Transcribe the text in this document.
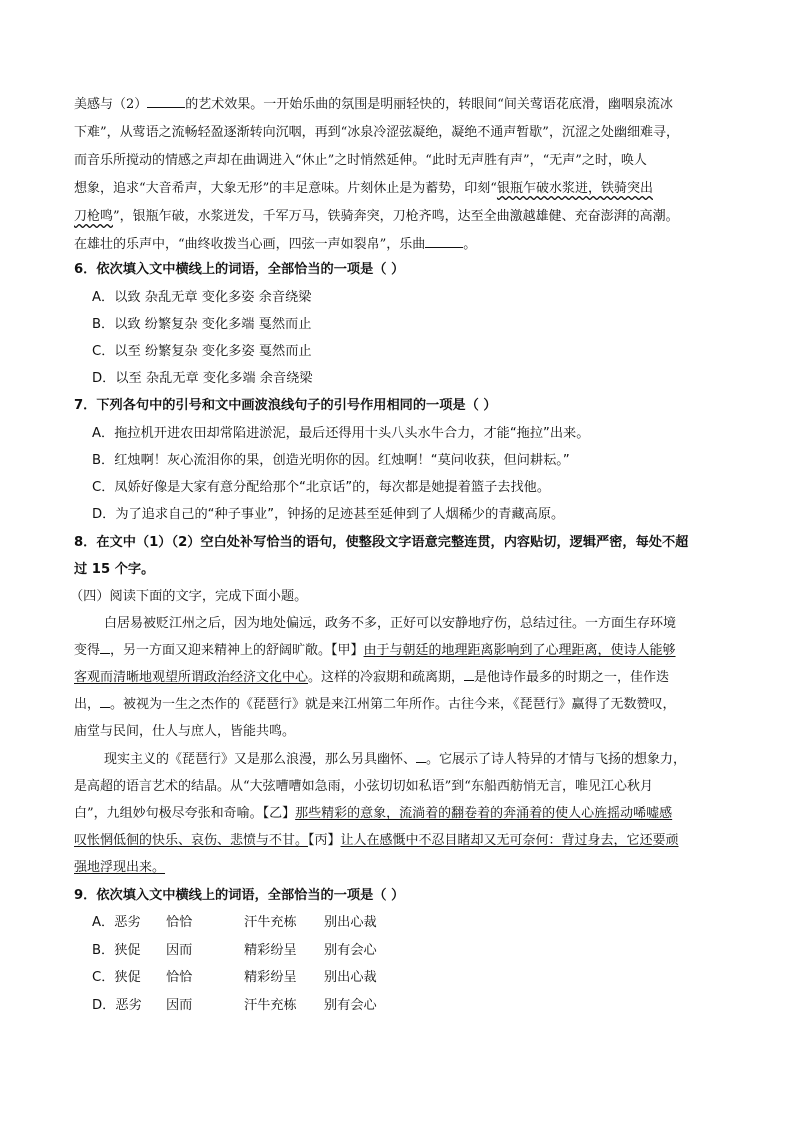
美感与（2）	的艺术效果。一开始乐曲的氛围是明丽轻快的，转眼间“间关莺语花底滑，幽咽泉流冰
下难”，从莺语之流畅轻盈逐渐转向沉咽，再到“冰泉冷涩弦凝绝，凝绝不通声暂歇”，沉涩之处幽细难寻，
而音乐所搅动的情感之声却在曲调进入“休止”之时悄然延伸。“此时无声胜有声”，“无声”之时，唤人
想象，追求“大音希声，大象无形”的丰足意味。片刻休止是为蓄势，印刻“银瓶乍破水浆迸，铁骑突出
刀枪鸣”，银瓶乍破，水浆迸发，千军万马，铁骑奔突，刀枪齐鸣，达至全曲激越雄健、充奋澎湃的高潮。
在雄壮的乐声中，“曲终收拨当心画，四弦一声如裂帛”，乐曲	。
6．依次填入文中横线上的词语，全部恰当的一项是（ ）
A．以致 杂乱无章 变化多姿 余音绕梁
B．以致 纷繁复杂 变化多端 戛然而止
C．以至 纷繁复杂 变化多姿 戛然而止
D．以至 杂乱无章 变化多端 余音绕梁
7．下列各句中的引号和文中画波浪线句子的引号作用相同的一项是（ ）
A．拖拉机开进农田却常陷进淤泥，最后还得用十头八头水牛合力，才能“拖拉”出来。
B．红烛啊！灰心流泪你的果，创造光明你的因。红烛啊！“莫问收获，但问耕耘。”
C．凤娇好像是大家有意分配给那个“北京话”的，每次都是她提着篮子去找他。
D．为了追求自己的“种子事业”，钟扬的足迹甚至延伸到了人烟稀少的青藏高原。
8．在文中（1）（2）空白处补写恰当的语句，使整段文字语意完整连贯，内容贴切，逻辑严密，每处不超
过 15 个字。
（四）阅读下面的文字，完成下面小题。
白居易被贬江州之后，因为地处偏远，政务不多，正好可以安静地疗伤，总结过往。一方面生存环境
变得 ，另一方面又迎来精神上的舒阔旷敞。【甲】由于与朝廷的地理距离影响到了心理距离，使诗人能够
客观而清晰地观望所谓政治经济文化中心。这样的冷寂期和疏离期， 是他诗作最多的时期之一，佳作迭
出， 。被视为一生之杰作的《琵琶行》就是来江州第二年所作。古往今来，《琵琶行》赢得了无数赞叹，
庙堂与民间，仕人与庶人，皆能共鸣。
现实主义的《琵琶行》又是那么浪漫，那么另具幽怀、 。它展示了诗人特异的才情与飞扬的想象力，
是高超的语言艺术的结晶。从“大弦嘈嘈如急雨，小弦切切如私语”到“东船西舫悄无言，唯见江心秋月
白”，九组妙句极尽夸张和奇喻。【乙】那些精彩的意象，流淌着的翻卷着的奔涌着的使人心旌摇动唏嘘感
叹怅惘低徊的快乐、哀伤、悲愤与不甘。【丙】让人在感慨中不忍目睹却又无可奈何：背过身去，它还要顽
强地浮现出来。
9．依次填入文中横线上的词语，全部恰当的一项是（ ）
A．恶劣 恰恰	汗牛充栋 别出心裁
B．狭促 因而	精彩纷呈 别有会心
C．狭促 恰恰	精彩纷呈 别出心裁
D．恶劣 因而	汗牛充栋 别有会心
